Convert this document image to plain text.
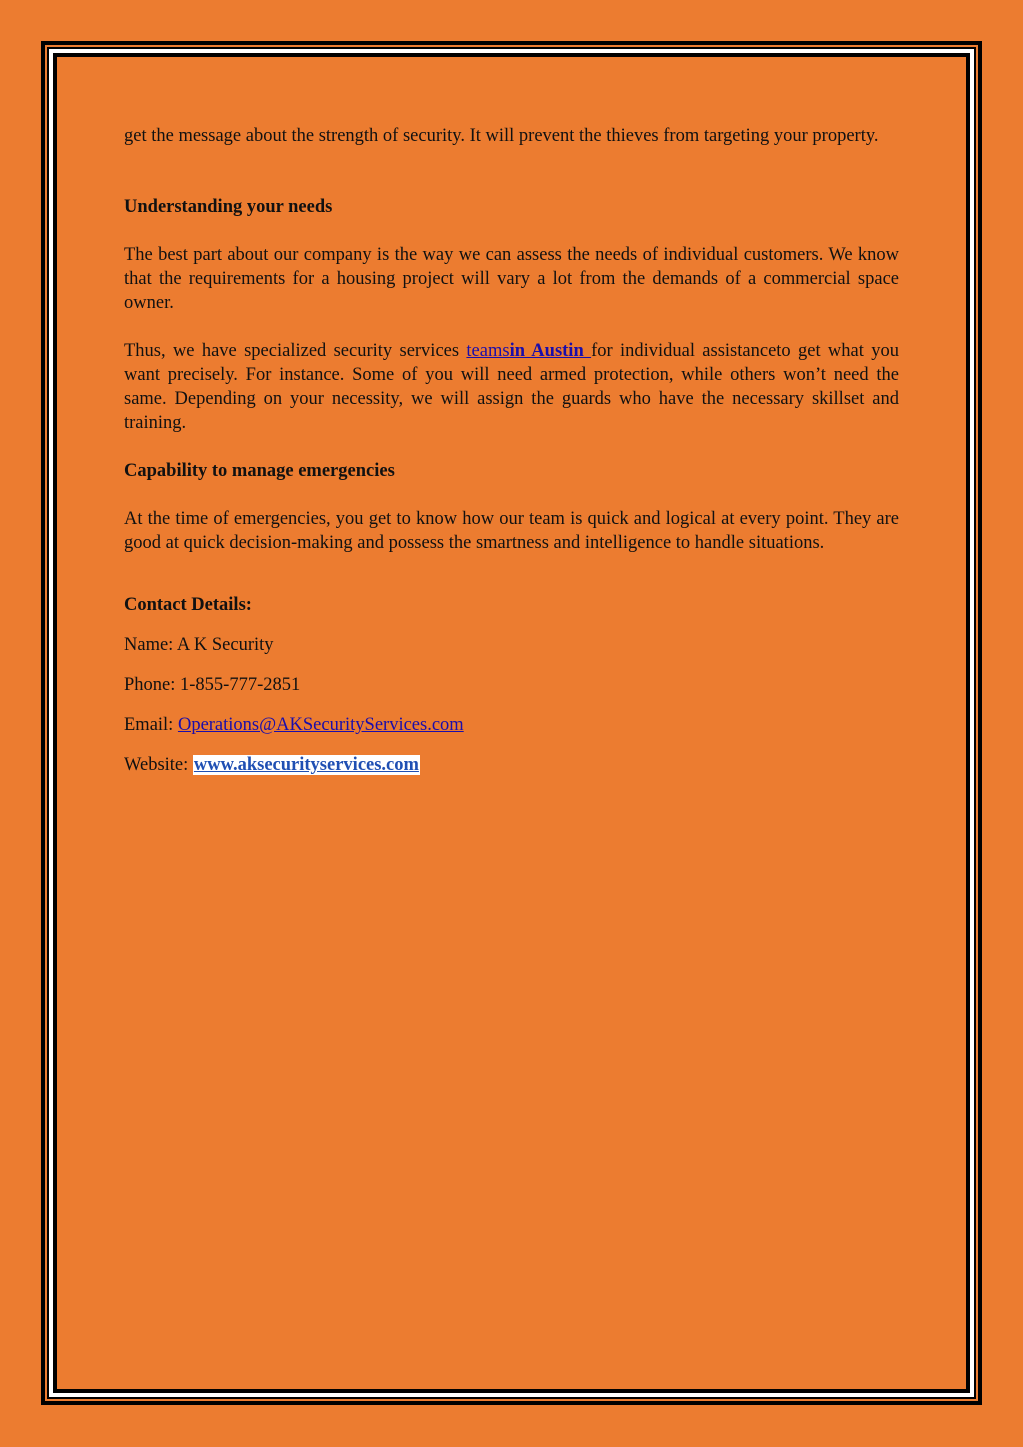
get the message about the strength of security. It will prevent the thieves from targeting your property.

Understanding your needs

The best part about our company is the way we can assess the needs of individual customers. We know that the requirements for a housing project will vary a lot from the demands of a commercial space owner.

Thus, we have specialized security services teamsin Austin for individual assistanceto get what you want precisely. For instance. Some of you will need armed protection, while others won’t need the same. Depending on your necessity, we will assign the guards who have the necessary skillset and training.

Capability to manage emergencies

At the time of emergencies, you get to know how our team is quick and logical at every point. They are good at quick decision-making and possess the smartness and intelligence to handle situations.

Contact Details:

Name: A K Security

Phone: 1-855-777-2851

Email: Operations@AKSecurityServices.com

Website: www.aksecurityservices.com
